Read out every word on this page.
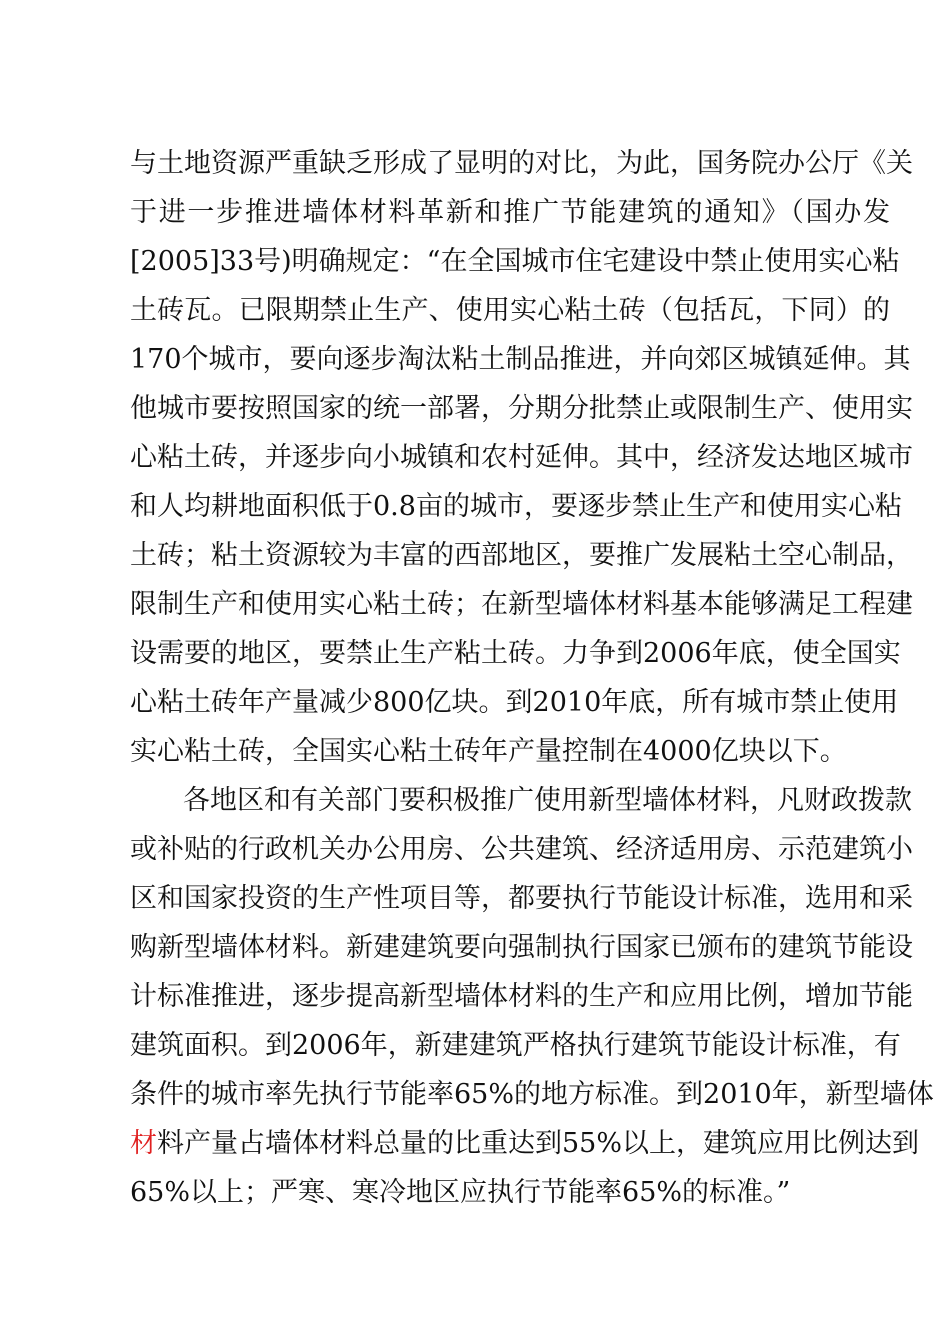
与土地资源严重缺乏形成了显明的对比，为此，国务院办公厅《关
于进一步推进墙体材料革新和推广节能建筑的通知》（国办发
[2005]33号)明确规定：“在全国城市住宅建设中禁止使用实心粘
土砖瓦。已限期禁止生产、使用实心粘土砖（包括瓦，下同）的
170个城市，要向逐步淘汰粘土制品推进，并向郊区城镇延伸。其
他城市要按照国家的统一部署，分期分批禁止或限制生产、使用实
心粘土砖，并逐步向小城镇和农村延伸。其中，经济发达地区城市
和人均耕地面积低于0.8亩的城市，要逐步禁止生产和使用实心粘
土砖；粘土资源较为丰富的西部地区，要推广发展粘土空心制品，
限制生产和使用实心粘土砖；在新型墙体材料基本能够满足工程建
设需要的地区，要禁止生产粘土砖。力争到2006年底，使全国实
心粘土砖年产量减少800亿块。到2010年底，所有城市禁止使用
实心粘土砖，全国实心粘土砖年产量控制在4000亿块以下。
各地区和有关部门要积极推广使用新型墙体材料，凡财政拨款
或补贴的行政机关办公用房、公共建筑、经济适用房、示范建筑小
区和国家投资的生产性项目等，都要执行节能设计标准，选用和采
购新型墙体材料。新建建筑要向强制执行国家已颁布的建筑节能设
计标准推进，逐步提高新型墙体材料的生产和应用比例，增加节能
建筑面积。到2006年，新建建筑严格执行建筑节能设计标准，有
条件的城市率先执行节能率65%的地方标准。到2010年，新型墙体
材料产量占墙体材料总量的比重达到55%以上，建筑应用比例达到
65%以上；严寒、寒冷地区应执行节能率65%的标准。”
